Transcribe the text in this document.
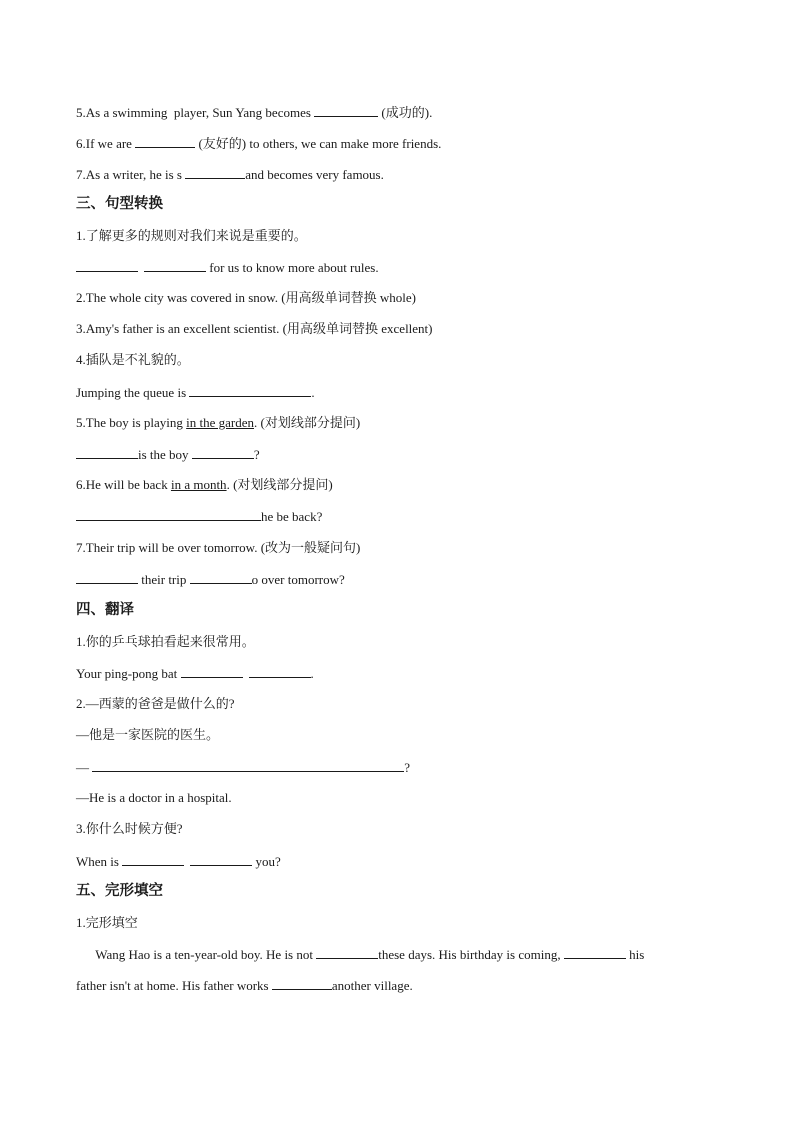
5.As a swimming  player, Sun Yang becomes	(成功的).
6.If we are	(友好的) to others, we can make more friends.
7.As a writer, he is s	and becomes very famous.
三、句型转换
1.了解更多的规则对我们来说是重要的。
for us to know more about rules.
2.The whole city was covered in snow. (用高级单词替换 whole)
3.Amy's father is an excellent scientist. (用高级单词替换 excellent)
4.插队是不礼貌的。
Jumping the queue is	.
5.The boy is playing in the garden. (对划线部分提问)
is the boy	?
6.He will be back in a month. (对划线部分提问)
he be back?
7.Their trip will be over tomorrow. (改为一般疑问句)
their trip	o over tomorrow?
四、翻译
1.你的乒乓球拍看起来很常用。
Your ping-pong bat	.
2.—西蒙的爸爸是做什么的?
—他是一家医院的医生。
—	?
—He is a doctor in a hospital.
3.你什么时候方便?
When is	you?
五、完形填空
1.完形填空
Wang Hao is a ten-year-old boy. He is not	these days. His birthday is coming,	his
father isn't at home. His father works	another village.
